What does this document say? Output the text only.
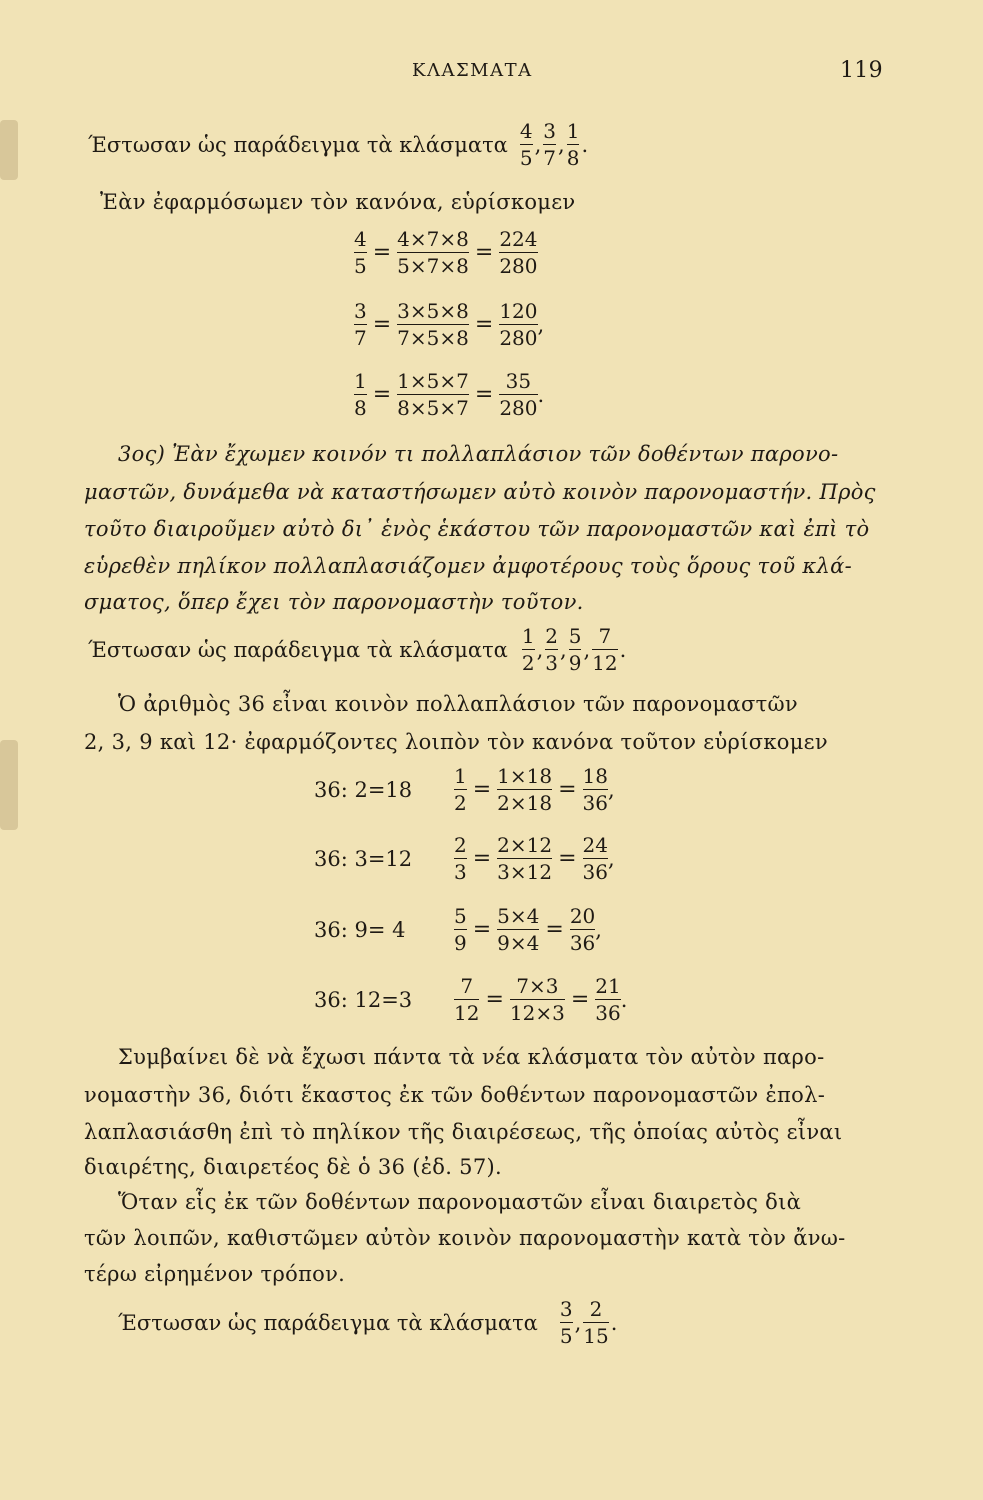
ΚΛΑΣΜΑΤΑ	119
Έστωσαν ὡς παράδειγμα τὰ κλάσματα $\frac{4}{5}$ , $\frac{3}{7}$ , $\frac{1}{8}$ .
Ἐὰν ἐφαρμόσωμεν τὸν κανόνα, εὑρίσκομεν
$\frac{4}{5} = \frac{4\times 7\times 8}{5\times 7\times 8} = \frac{224}{280}$
$\frac{3}{7} = \frac{3\times 5\times 8}{7\times 5\times 8} = \frac{120}{280}$ ,
$\frac{1}{8} = \frac{1\times 5\times 7}{8\times 5\times 7} = \frac{35}{280}$ .
3ος) Ἐὰν ἔχωμεν κοινόν τι πολλαπλάσιον τῶν δοθέντων παρονο-
μαστῶν, δυνάμεθα νὰ καταστήσωμεν αὐτὸ κοινὸν παρονομαστήν. Πρὸς
τοῦτο διαιροῦμεν αὐτὸ δι᾽ ἑνὸς ἑκάστου τῶν παρονομαστῶν καὶ ἐπὶ τὸ
εὑρεθὲν πηλίκον πολλαπλασιάζομεν ἀμφοτέρους τοὺς ὅρους τοῦ κλά-
σματος, ὅπερ ἔχει τὸν παρονομαστὴν τοῦτον.
Έστωσαν ὡς παράδειγμα τὰ κλάσματα $\frac{1}{2}$ , $\frac{2}{3}$ , $\frac{5}{9}$ , $\frac{7}{12}$ .
Ὁ ἀριθμὸς 36 εἶναι κοινὸν πολλαπλάσιον τῶν παρονομαστῶν
2, 3, 9 καὶ 12· ἐφαρμόζοντες λοιπὸν τὸν κανόνα τοῦτον εὑρίσκομεν
36: 2=18	$\frac{1}{2} = \frac{1\times 18}{2\times 18} = \frac{18}{36}$ ,
36: 3=12	$\frac{2}{3} = \frac{2\times 12}{3\times 12} = \frac{24}{36}$ ,
36: 9= 4	$\frac{5}{9} = \frac{5\times 4}{9\times 4} = \frac{20}{36}$ ,
36: 12=3	$\frac{7}{12} = \frac{7\times 3}{12\times 3} = \frac{21}{36}$ .
Συμβαίνει δὲ νὰ ἔχωσι πάντα τὰ νέα κλάσματα τὸν αὐτὸν παρο-
νομαστὴν 36, διότι ἕκαστος ἐκ τῶν δοθέντων παρονομαστῶν ἐπολ-
λαπλασιάσθη ἐπὶ τὸ πηλίκον τῆς διαιρέσεως, τῆς ὁποίας αὐτὸς εἶναι
διαιρέτης, διαιρετέος δὲ ὁ 36 (ἐδ. 57).
Ὅταν εἷς ἐκ τῶν δοθέντων παρονομαστῶν εἶναι διαιρετὸς διὰ
τῶν λοιπῶν, καθιστῶμεν αὐτὸν κοινὸν παρονομαστὴν κατὰ τὸν ἄνω-
τέρω εἰρημένον τρόπον.
Έστωσαν ὡς παράδειγμα τὰ κλάσματα $\frac{3}{5}$ , $\frac{2}{15}$ .
